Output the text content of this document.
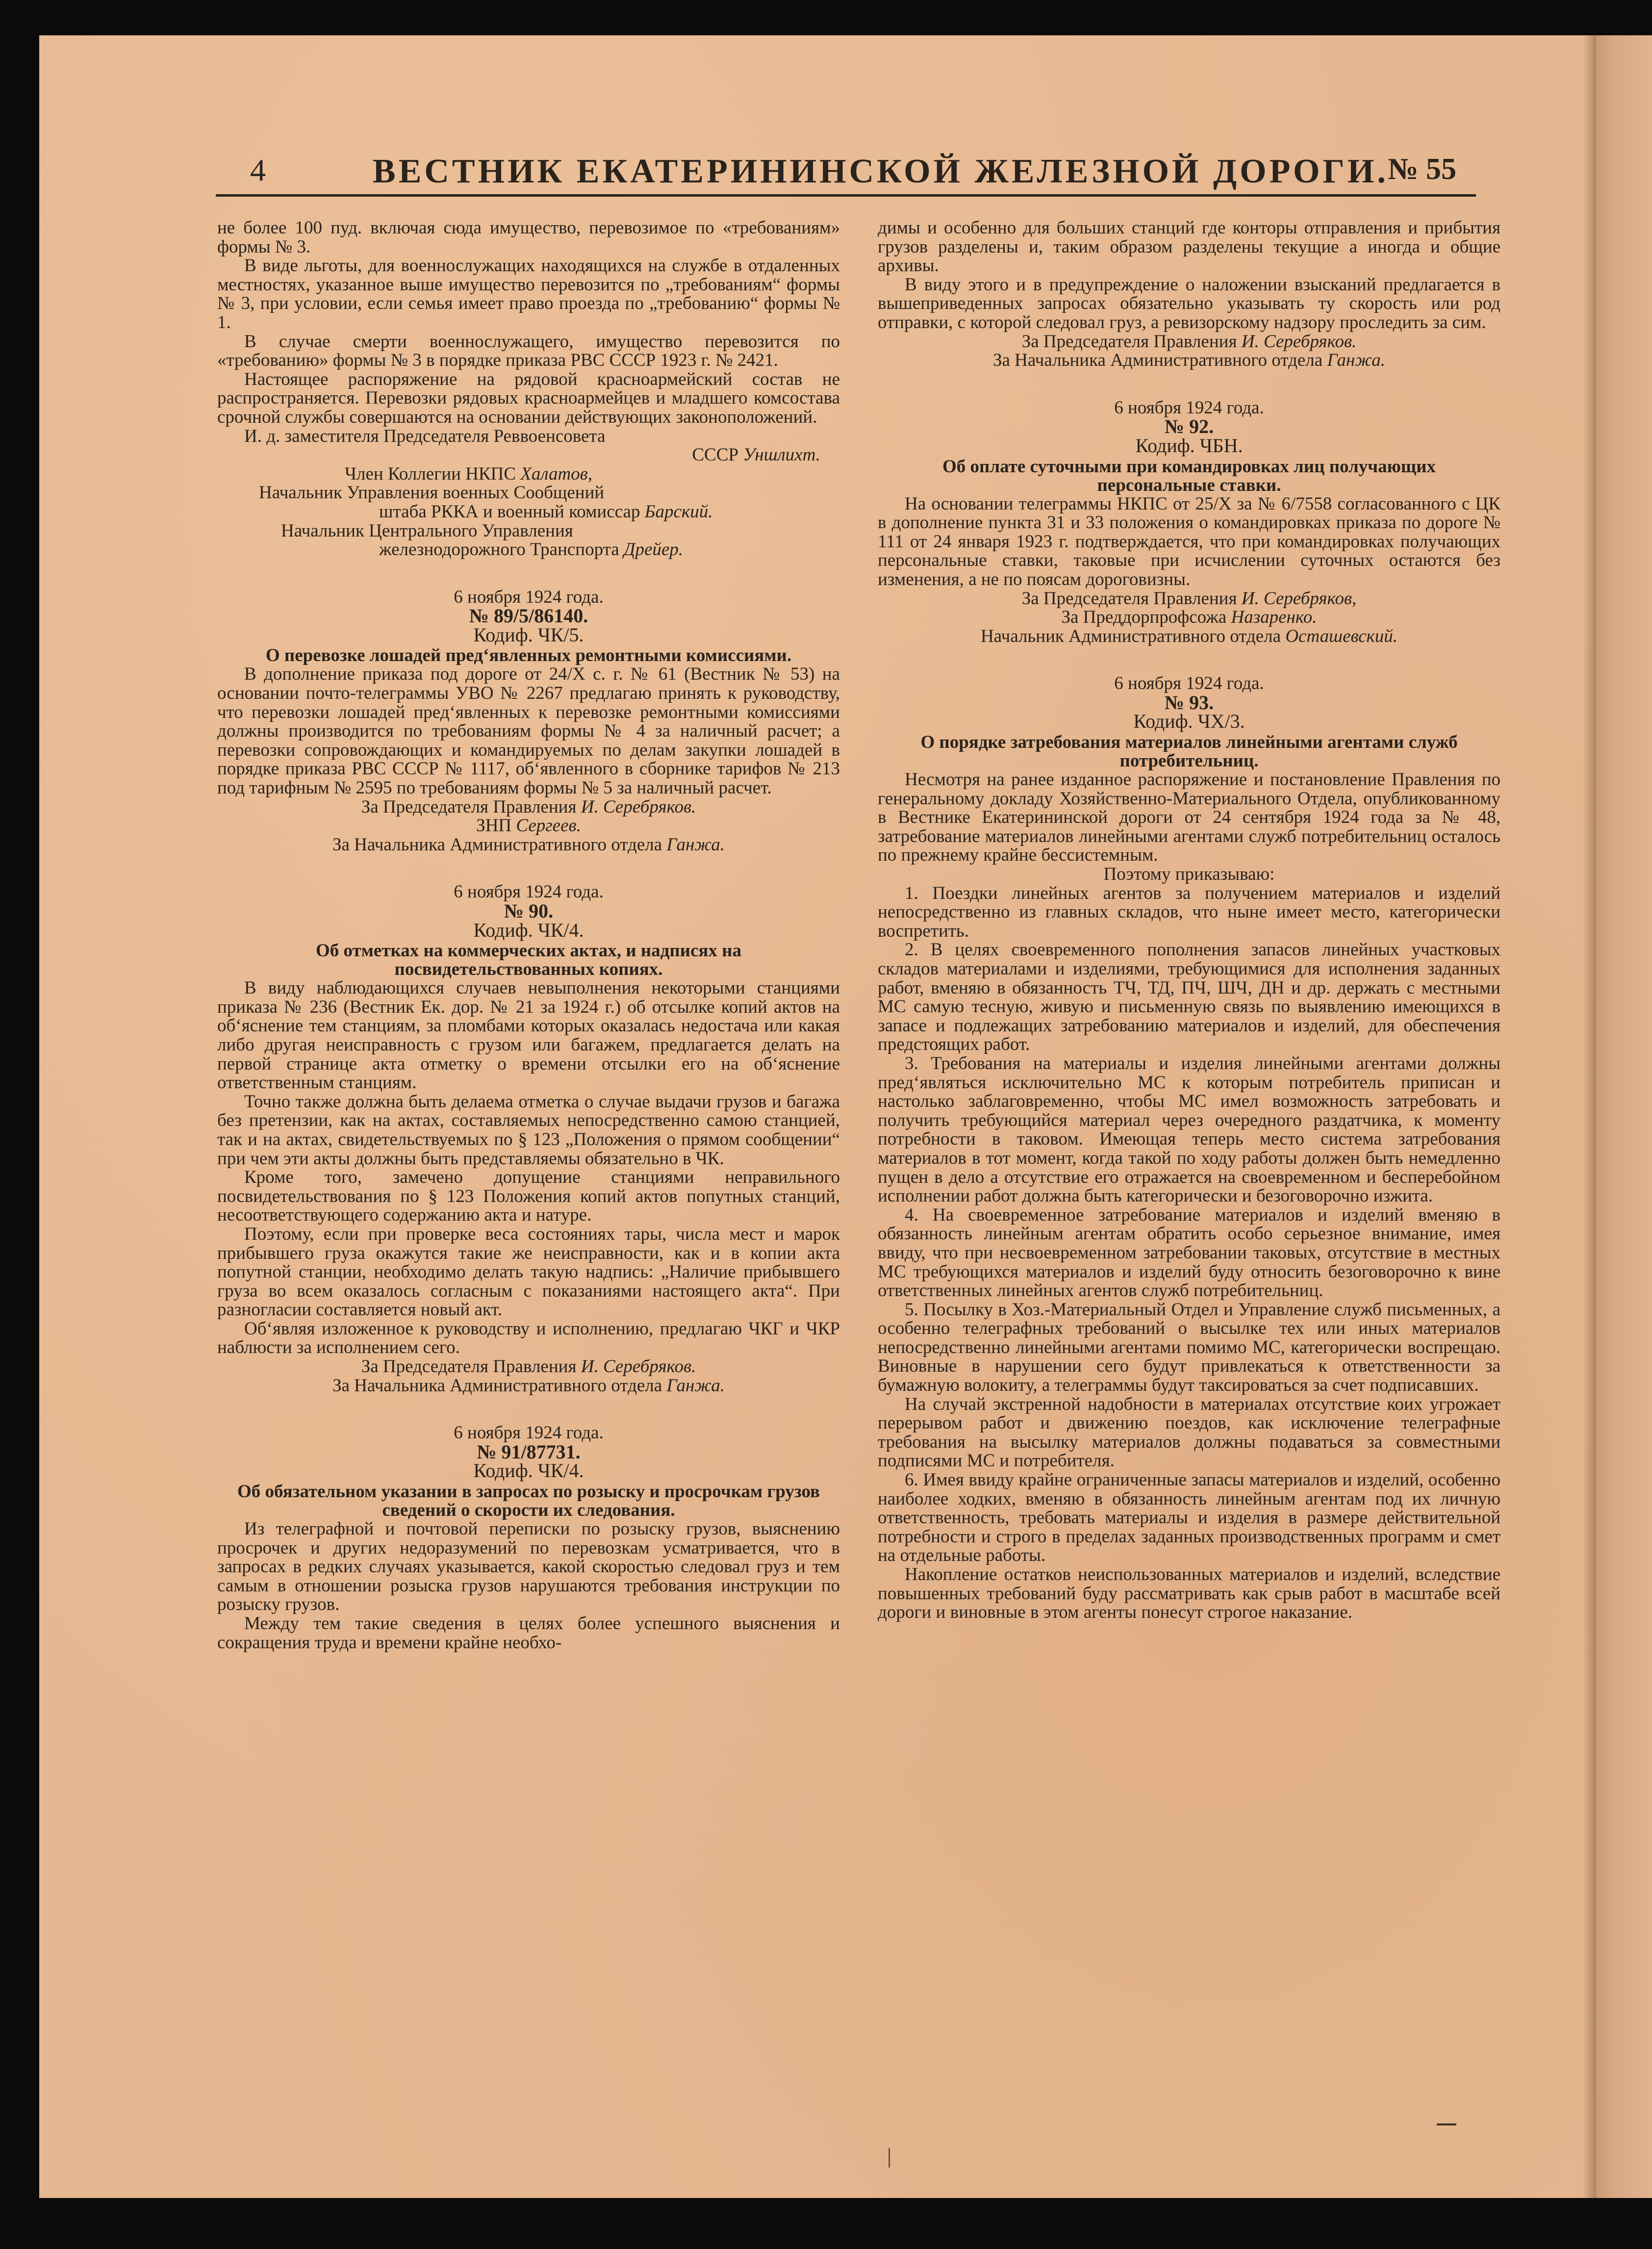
4	ВЕСТНИК ЕКАТЕРИНИНСКОЙ ЖЕЛЕЗНОЙ ДОРОГИ.
№ 55

не более 100 пуд. включая сюда имущество, перевозимое по «требованиям» формы № 3.

В виде льготы, для военнослужащих находящихся на службе в отдаленных местностях, указанное выше имущество перевозится по „требованиям“ формы № 3, при условии, если семья имеет право проезда по „требованию“ формы № 1.

В случае смерти военнослужащего, имущество перевозится по «требованию» формы № 3 в порядке приказа РВС СССР 1923 г. № 2421.

Настоящее распоряжение на рядовой красноармейский состав не распространяется. Перевозки рядовых красноармейцев и младшего комсостава срочной службы совершаются на основании действующих законоположений.

И. д. заместителя Председателя Реввоенсовета
СССР Уншлихт.
Член Коллегии НКПС Халатов,
Начальник Управления военных Сообщений
штаба РККА и военный комиссар Барский.
Начальник Центрального Управления
железнодорожного Транспорта Дрейер.
6 ноября 1924 года.
№ 89/5/86140.
Кодиф. ЧК/5.
О перевозке лошадей пред‘явленных ремонтными комиссиями.

В дополнение приказа под дороге от 24/X с. г. № 61 (Вестник № 53) на основании почто-телеграммы УВО № 2267 предлагаю принять к руководству, что перевозки лошадей пред‘явленных к перевозке ремонтными комиссиями должны производится по требованиям формы № 4 за наличный расчет; а перевозки сопровождающих и командируемых по делам закупки лошадей в порядке приказа РВС СССР № 1117, об‘явленного в сборнике тарифов № 213 под тарифным № 2595 по требованиям формы № 5 за наличный расчет.

За Председателя Правления И. Серебряков.
ЗНП Сергеев.
За Начальника Административного отдела Ганжа.
6 ноября 1924 года.
№ 90.
Кодиф. ЧК/4.
Об отметках на коммерческих актах, и надписях на посвидетельствованных копиях.

В виду наблюдающихся случаев невыполнения некоторыми станциями приказа № 236 (Вестник Ек. дор. № 21 за 1924 г.) об отсылке копий актов на об‘яснение тем станциям, за пломбами которых оказалась недостача или какая либо другая неисправность с грузом или багажем, предлагается делать на первой странице акта отметку о времени отсылки его на об‘яснение ответственным станциям.

Точно также должна быть делаема отметка о случае выдачи грузов и багажа без претензии, как на актах, составляемых непосредственно самою станцией, так и на актах, свидетельствуемых по § 123 „Положения о прямом сообщении“ при чем эти акты должны быть представляемы обязательно в ЧК.

Кроме того, замечено допущение станциями неправильного посвидетельствования по § 123 Положения копий актов попутных станций, несоответствующего содержанию акта и натуре.

Поэтому, если при проверке веса состояниях тары, числа мест и марок прибывшего груза окажутся такие же неисправности, как и в копии акта попутной станции, необходимо делать такую надпись: „Наличие прибывшего груза во всем оказалось согласным с показаниями настоящего акта“. При разногласии составляется новый акт.

Об‘являя изложенное к руководству и исполнению, предлагаю ЧКГ и ЧКР наблюсти за исполнением сего.

За Председателя Правления И. Серебряков.
За Начальника Административного отдела Ганжа.
6 ноября 1924 года.
№ 91/87731.
Кодиф. ЧК/4.
Об обязательном указании в запросах по розыску и просрочкам грузов сведений о скорости их следования.

Из телеграфной и почтовой переписки по розыску грузов, выяснению просрочек и других недоразумений по перевозкам усматривается, что в запросах в редких случаях указывается, какой скоростью следовал груз и тем самым в отношении розыска грузов нарушаются требования инструкции по розыску грузов.

Между тем такие сведения в целях более успешного выяснения и сокращения труда и времени крайне необхо-

димы и особенно для больших станций где конторы отправления и прибытия грузов разделены и, таким образом разделены текущие а иногда и общие архивы.

В виду этого и в предупреждение о наложении взысканий предлагается в вышеприведенных запросах обязательно указывать ту скорость или род отправки, с которой следовал груз, а ревизорскому надзору проследить за сим.

За Председателя Правления И. Серебряков.
За Начальника Административного отдела Ганжа.
6 ноября 1924 года.
№ 92.
Кодиф. ЧБН.
Об оплате суточными при командировках лиц получающих персональные ставки.

На основании телеграммы НКПС от 25/X за № 6/7558 согласованного с ЦК в дополнение пункта 31 и 33 положения о командировках приказа по дороге № 111 от 24 января 1923 г. подтверждается, что при командировках получающих персональные ставки, таковые при исчислении суточных остаются без изменения, а не по поясам дороговизны.

За Председателя Правления И. Серебряков,
За Преддорпрофсожа Назаренко.
Начальник Административного отдела Осташевский.
6 ноября 1924 года.
№ 93.
Кодиф. ЧХ/3.
О порядке затребования материалов линейными агентами служб потребительниц.

Несмотря на ранее изданное распоряжение и постановление Правления по генеральному докладу Хозяйственно-Материального Отдела, опубликованному в Вестнике Екатерининской дороги от 24 сентября 1924 года за № 48, затребование материалов линейными агентами служб потребительниц осталось по прежнему крайне бессистемным.

Поэтому приказываю:

1. Поездки линейных агентов за получением материалов и изделий непосредственно из главных складов, что ныне имеет место, категорически воспретить.

2. В целях своевременного пополнения запасов линейных участковых складов материалами и изделиями, требующимися для исполнения заданных работ, вменяю в обязанность ТЧ, ТД, ПЧ, ШЧ, ДН и др. держать с местными МС самую тесную, живую и письменную связь по выявлению имеющихся в запасе и подлежащих затребованию материалов и изделий, для обеспечения предстоящих работ.

3. Требования на материалы и изделия линейными агентами должны пред‘являться исключительно МС к которым потребитель приписан и настолько заблаговременно, чтобы МС имел возможность затребовать и получить требующийся материал через очередного раздатчика, к моменту потребности в таковом. Имеющая теперь место система затребования материалов в тот момент, когда такой по ходу работы должен быть немедленно пущен в дело а отсутствие его отражается на своевременном и бесперебойном исполнении работ должна быть категорически и безоговорочно изжита.

4. На своевременное затребование материалов и изделий вменяю в обязанность линейным агентам обратить особо серьезное внимание, имея ввиду, что при несвоевременном затребовании таковых, отсутствие в местных МС требующихся материалов и изделий буду относить безоговорочно к вине ответственных линейных агентов служб потребительниц.

5. Посылку в Хоз.-Материальный Отдел и Управление служб письменных, а особенно телеграфных требований о высылке тех или иных материалов непосредственно линейными агентами помимо МС, категорически воспрещаю. Виновные в нарушении сего будут привлекаться к ответственности за бумажную волокиту, а телеграммы будут таксироваться за счет подписавших.

На случай экстренной надобности в материалах отсутствие коих угрожает перерывом работ и движению поездов, как исключение телеграфные требования на высылку материалов должны подаваться за совместными подписями МС и потребителя.

6. Имея ввиду крайне ограниченные запасы материалов и изделий, особенно наиболее ходких, вменяю в обязанность линейным агентам под их личную ответственность, требовать материалы и изделия в размере действительной потребности и строго в пределах заданных производственных программ и смет на отдельные работы.

Накопление остатков неиспользованных материалов и изделий, вследствие повышенных требований буду рассматривать как срыв работ в масштабе всей дороги и виновные в этом агенты понесут строгое наказание.
